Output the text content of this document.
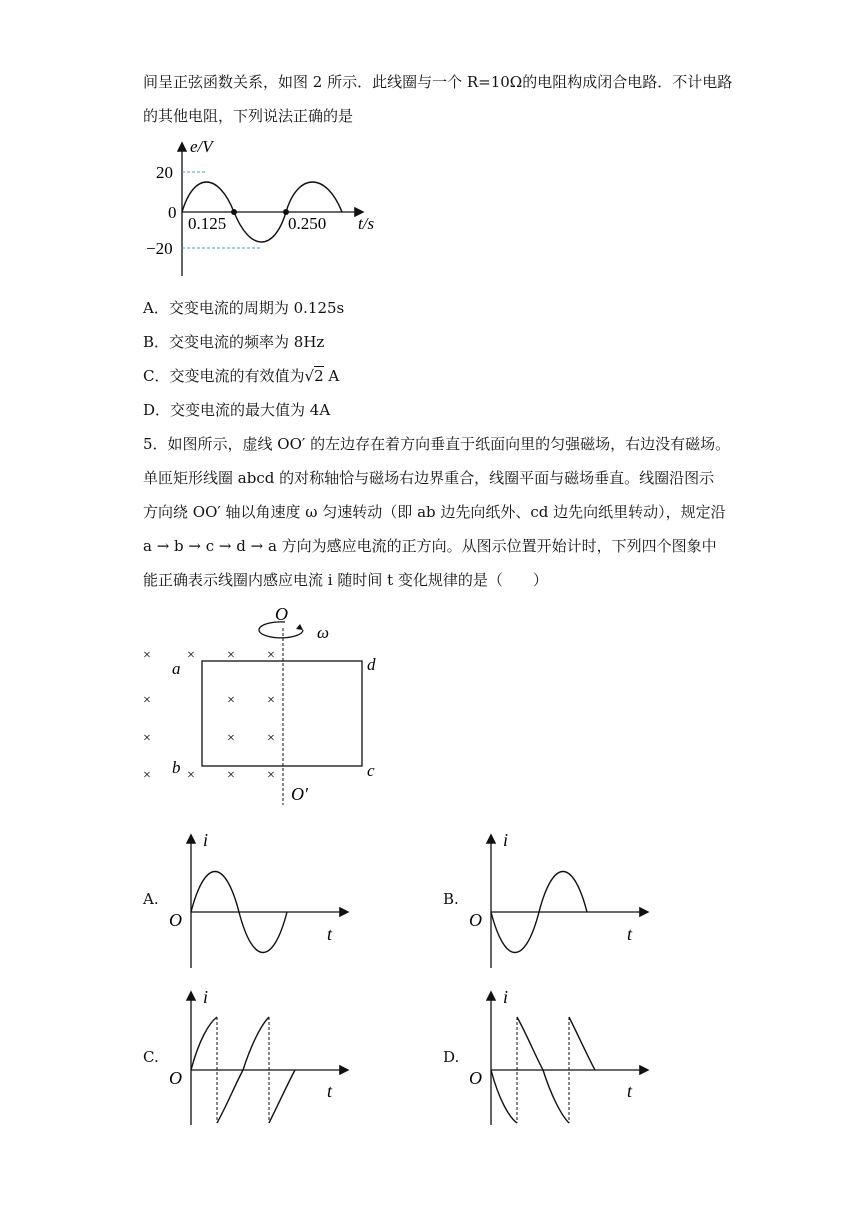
间呈正弦函数关系，如图 2 所示．此线圈与一个 R=10Ω的电阻构成闭合电路．不计电路
的其他电阻，下列说法正确的是
e/V
20
0
−20
0.125	0.250 t/s
A．交变电流的周期为 0.125s
B．交变电流的频率为 8Hz
C．交变电流的有效值为√2 A
D．交变电流的最大值为 4A
5．如图所示，虚线 OO′ 的左边存在着方向垂直于纸面向里的匀强磁场，右边没有磁场。
单匝矩形线圈 abcd 的对称轴恰与磁场右边界重合，线圈平面与磁场垂直。线圈沿图示
方向绕 OO′ 轴以角速度 ω 匀速转动（即 ab 边先向纸外、cd 边先向纸里转动），规定沿
a → b → c → d → a 方向为感应电流的正方向。从图示位置开始计时，下列四个图象中
能正确表示线圈内感应电流 i 随时间 t 变化规律的是（　　）
O
ω
a
b	c
d
O′
×	× × ×
×	× ×
×	× ×
×	× × ×
A.
i
O
t
B.
i
O
t
C.
i
O
t
D.
i
O
t
